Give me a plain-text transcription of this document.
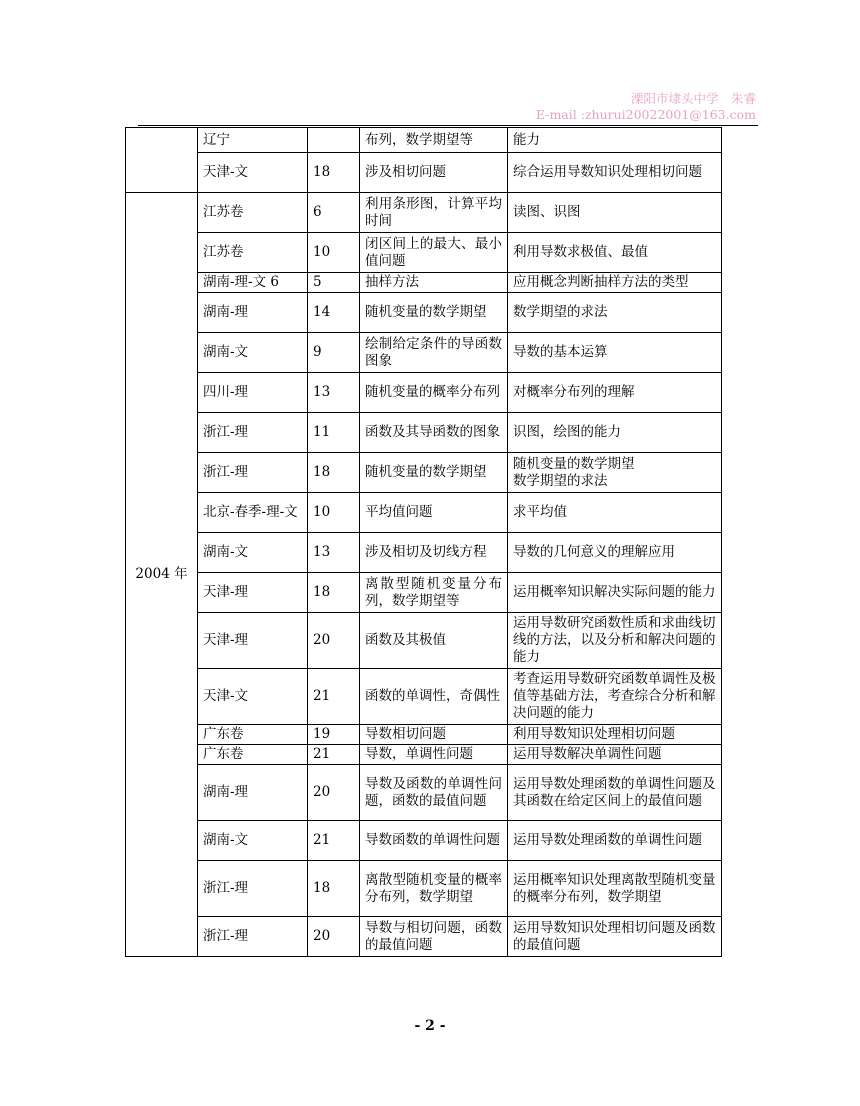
溧阳市埭头中学　朱睿
E-mail :zhurui20022001@163.com
	辽宁		布列，数学期望等	能力
	天津-文	18	涉及相切问题	综合运用导数知识处理相切问题
2004 年	江苏卷	6	利用条形图，计算平均时间	读图、识图
	江苏卷	10	闭区间上的最大、最小值问题	利用导数求极值、最值
	湖南-理-文 6	5	抽样方法	应用概念判断抽样方法的类型
	湖南-理	14	随机变量的数学期望	数学期望的求法
	湖南-文	9	绘制给定条件的导函数图象	导数的基本运算
	四川-理	13	随机变量的概率分布列	对概率分布列的理解
	浙江-理	11	函数及其导函数的图象	识图，绘图的能力
	浙江-理	18	随机变量的数学期望	随机变量的数学期望
数学期望的求法

	北京-春季-理-文	10	平均值问题	求平均值
	湖南-文	13	涉及相切及切线方程	导数的几何意义的理解应用
	天津-理	18	离散型随机变量分布列，数学期望等	运用概率知识解决实际问题的能力
	天津-理	20	函数及其极值	运用导数研究函数性质和求曲线切线的方法，以及分析和解决问题的能力
	天津-文	21	函数的单调性，奇偶性	考查运用导数研究函数单调性及极值等基础方法，考查综合分析和解决问题的能力
	广东卷	19	导数相切问题	利用导数知识处理相切问题
	广东卷	21	导数，单调性问题	运用导数解决单调性问题
	湖南-理	20	导数及函数的单调性问题，函数的最值问题	运用导数处理函数的单调性问题及其函数在给定区间上的最值问题
	湖南-文	21	导数函数的单调性问题	运用导数处理函数的单调性问题
	浙江-理	18	离散型随机变量的概率分布列，数学期望	运用概率知识处理离散型随机变量的概率分布列，数学期望
	浙江-理	20	导数与相切问题，函数的最值问题	运用导数知识处理相切问题及函数的最值问题
- 2 -
